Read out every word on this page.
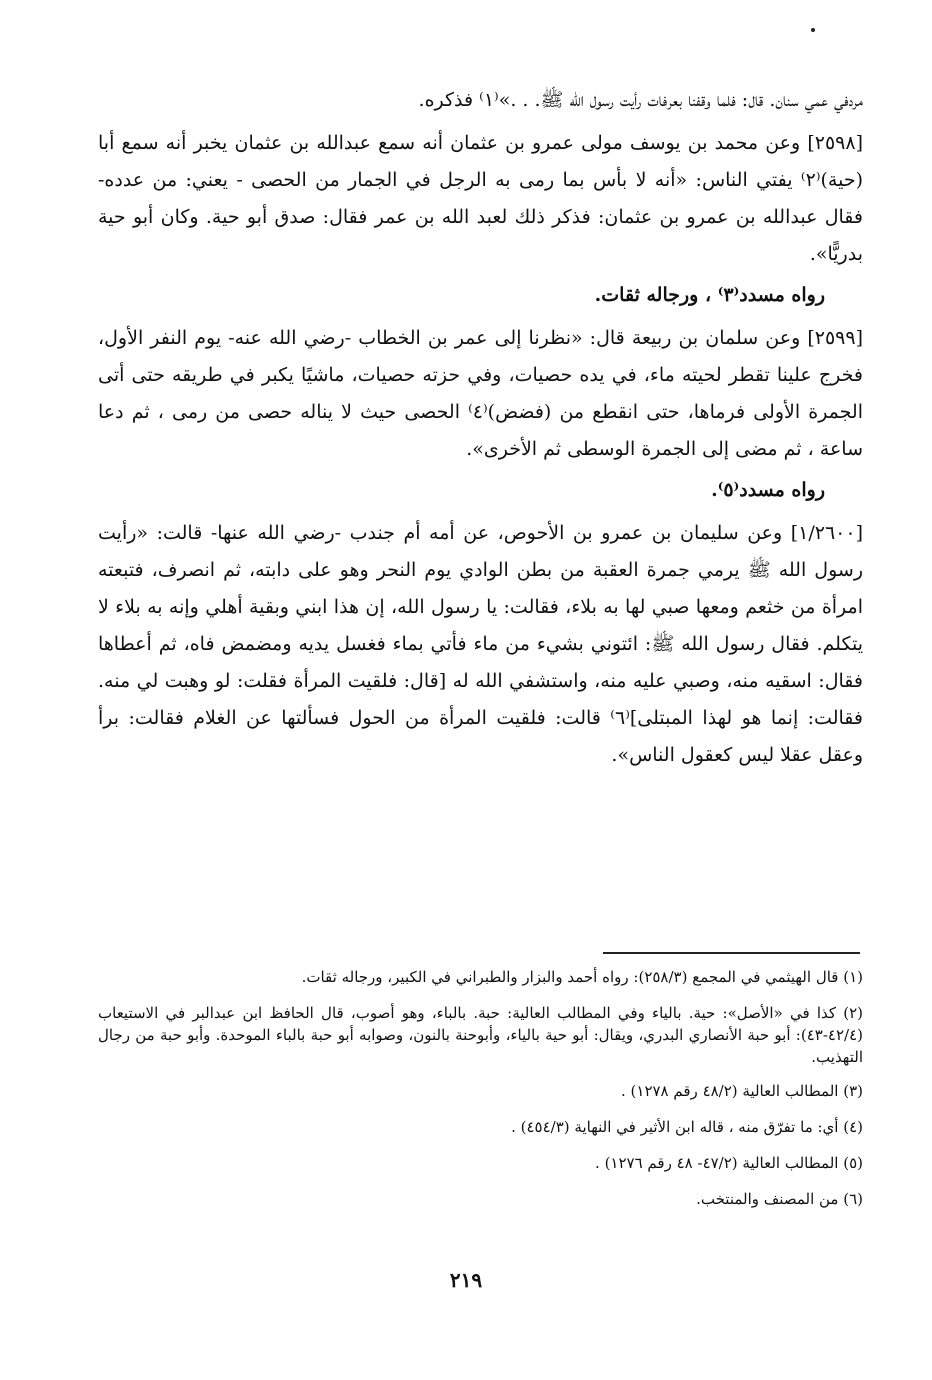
مردفي عمي سنان. قال: فلما وقفنا بعرفات رأيت رسول الله ﷺ. . .»⁽١⁾ فذكره.

[٢٥٩٨] وعن محمد بن يوسف مولى عمرو بن عثمان أنه سمع عبدالله بن عثمان يخبر أنه سمع أبا (حية)⁽٢⁾ يفتي الناس: «أنه لا بأس بما رمى به الرجل في الجمار من الحصى - يعني: من عدده- فقال عبدالله بن عمرو بن عثمان: فذكر ذلك لعبد الله بن عمر فقال: صدق أبو حية. وكان أبو حية بدريًّا».

رواه مسدد⁽٣⁾ ، ورجاله ثقات.

[٢٥٩٩] وعن سلمان بن ربيعة قال: «نظرنا إلى عمر بن الخطاب -رضي الله عنه- يوم النفر الأول، فخرج علينا تقطر لحيته ماء، في يده حصيات، وفي حزته حصيات، ماشيًا يكبر في طريقه حتى أتى الجمرة الأولى فرماها، حتى انقطع من (فضض)⁽٤⁾ الحصى حيث لا يناله حصى من رمى ، ثم دعا ساعة ، ثم مضى إلى الجمرة الوسطى ثم الأخرى».

رواه مسدد⁽٥⁾.

[١/٢٦٠٠] وعن سليمان بن عمرو بن الأحوص، عن أمه أم جندب -رضي الله عنها- قالت: «رأيت رسول الله ﷺ يرمي جمرة العقبة من بطن الوادي يوم النحر وهو على دابته، ثم انصرف، فتبعته امرأة من خثعم ومعها صبي لها به بلاء، فقالت: يا رسول الله، إن هذا ابني وبقية أهلي وإنه به بلاء لا يتكلم. فقال رسول الله ﷺ: ائتوني بشيء من ماء فأتي بماء فغسل يديه ومضمض فاه، ثم أعطاها فقال: اسقيه منه، وصبي عليه منه، واستشفي الله له [قال: فلقيت المرأة فقلت: لو وهبت لي منه. فقالت: إنما هو لهذا المبتلى]⁽٦⁾ قالت: فلقيت المرأة من الحول فسألتها عن الغلام فقالت: برأ وعقل عقلا ليس كعقول الناس».

(١) قال الهيثمي في المجمع (٢٥٨/٣): رواه أحمد والبزار والطبراني في الكبير، ورجاله ثقات.

(٢) كذا في «الأصل»: حية. بالياء وفي المطالب العالية: حبة. بالباء، وهو أصوب، قال الحافظ ابن عبدالبر في الاستيعاب (٤٢/٤-٤٣): أبو حبة الأنصاري البدري، ويقال: أبو حية بالياء، وأبوحنة بالنون، وصوابه أبو حبة بالباء الموحدة. وأبو حبة من رجال التهذيب.

(٣) المطالب العالية (٤٨/٢ رقم ١٢٧٨) .

(٤) أي: ما تفرّق منه ، قاله ابن الأثير في النهاية (٤٥٤/٣) .

(٥) المطالب العالية (٤٧/٢- ٤٨ رقم ١٢٧٦) .

(٦) من المصنف والمنتخب.

٢١٩
